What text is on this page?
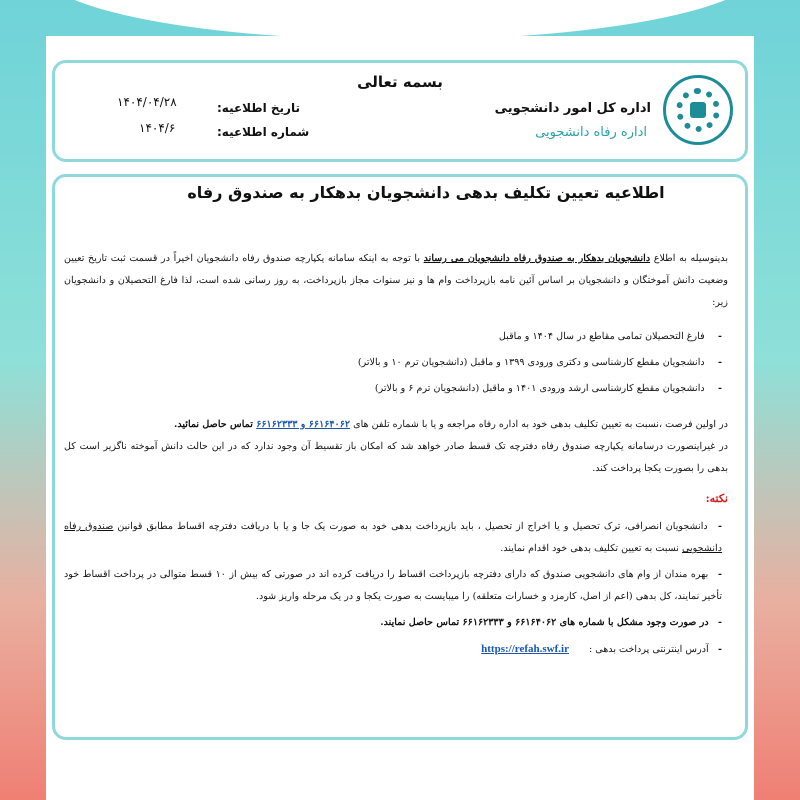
بسمه تعالی
اداره کل امور دانشجویی
اداره رفاه دانشجویی
تاریخ اطلاعیه:
۱۴۰۴/۰۴/۲۸
شماره اطلاعیه:
۱۴۰۴/۶
اطلاعیه تعیین تکلیف بدهی دانشجویان بدهکار به صندوق رفاه

بدینوسیله به اطلاع دانشجویان بدهکار به صندوق رفاه دانشجویان می رساند با توجه به اینکه سامانه یکپارچه صندوق رفاه دانشجویان اخیراً در قسمت ثبت تاریخ تعیین وضعیت دانش آموختگان و دانشجویان بر اساس آئین نامه بازپرداخت وام ها و نیز سنوات مجاز بازپرداخت، به روز رسانی شده است، لذا فارغ التحصیلان و دانشجویان زیر:

- فارغ التحصیلان تمامی مقاطع در سال ۱۴۰۴ و ماقبل
- دانشجویان مقطع کارشناسی و دکتری ورودی ۱۳۹۹ و ماقبل (دانشجویان ترم ۱۰ و بالاتر)
- دانشجویان مقطع کارشناسی ارشد ورودی ۱۴۰۱ و ماقبل (دانشجویان ترم ۶ و بالاتر)

در اولین فرصت ،نسبت به تعیین تکلیف بدهی خود به اداره رفاه مراجعه و یا با شماره تلفن های ۶۶۱۶۴۰۶۲ و ۶۶۱۶۲۳۳۳ تماس حاصل نمائید.

در غیراینصورت درسامانه یکپارچه صندوق رفاه دفترچه تک قسط صادر خواهد شد که امکان باز تقسیط آن وجود ندارد که در این حالت دانش آموخته ناگزیر است کل بدهی را بصورت یکجا پرداخت کند.

نکته:
- دانشجویان انصرافی، ترک تحصیل و یا اخراج از تحصیل ، باید بازپرداخت بدهی خود به صورت یک جا و یا با دریافت دفترچه اقساط مطابق قوانین صندوق رفاه دانشجویی نسبت به تعیین تکلیف بدهی خود اقدام نمایند.
- بهره مندان از وام های دانشجویی صندوق که دارای دفترچه بازپرداخت اقساط را دریافت کرده اند در صورتی که بیش از ۱۰ قسط متوالی در پرداخت اقساط خود تأخیر نمایند، کل بدهی (اعم از اصل، کارمزد و خسارات متعلقه) را میبایست به صورت یکجا و در یک مرحله واریز شود.
- در صورت وجود مشکل با شماره های ۶۶۱۶۴۰۶۲ و ۶۶۱۶۲۳۳۳ تماس حاصل نمایند.
- آدرس اینترنتی پرداخت بدهی :https://refah.swf.ir
